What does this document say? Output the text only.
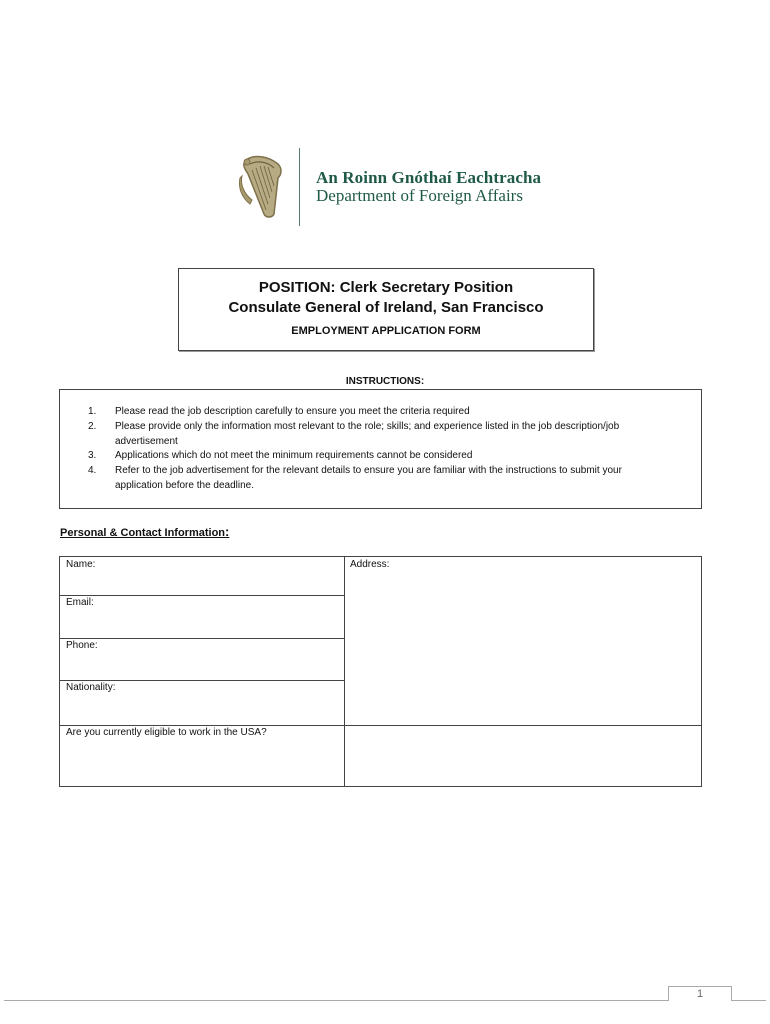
An Roinn Gnóthaí Eachtracha
Department of Foreign Affairs
POSITION: Clerk Secretary Position
Consulate General of Ireland, San Francisco
EMPLOYMENT APPLICATION FORM
INSTRUCTIONS:
1. Please read the job description carefully to ensure you meet the criteria required
2. Please provide only the information most relevant to the role; skills; and experience listed in the job description/job advertisement
3. Applications which do not meet the minimum requirements cannot be considered
4. Refer to the job advertisement for the relevant details to ensure you are familiar with the instructions to submit your application before the deadline.
Personal & Contact Information:
Name:	Address:
Email:
Phone:
Nationality:
Are you currently eligible to work in the USA?
1
